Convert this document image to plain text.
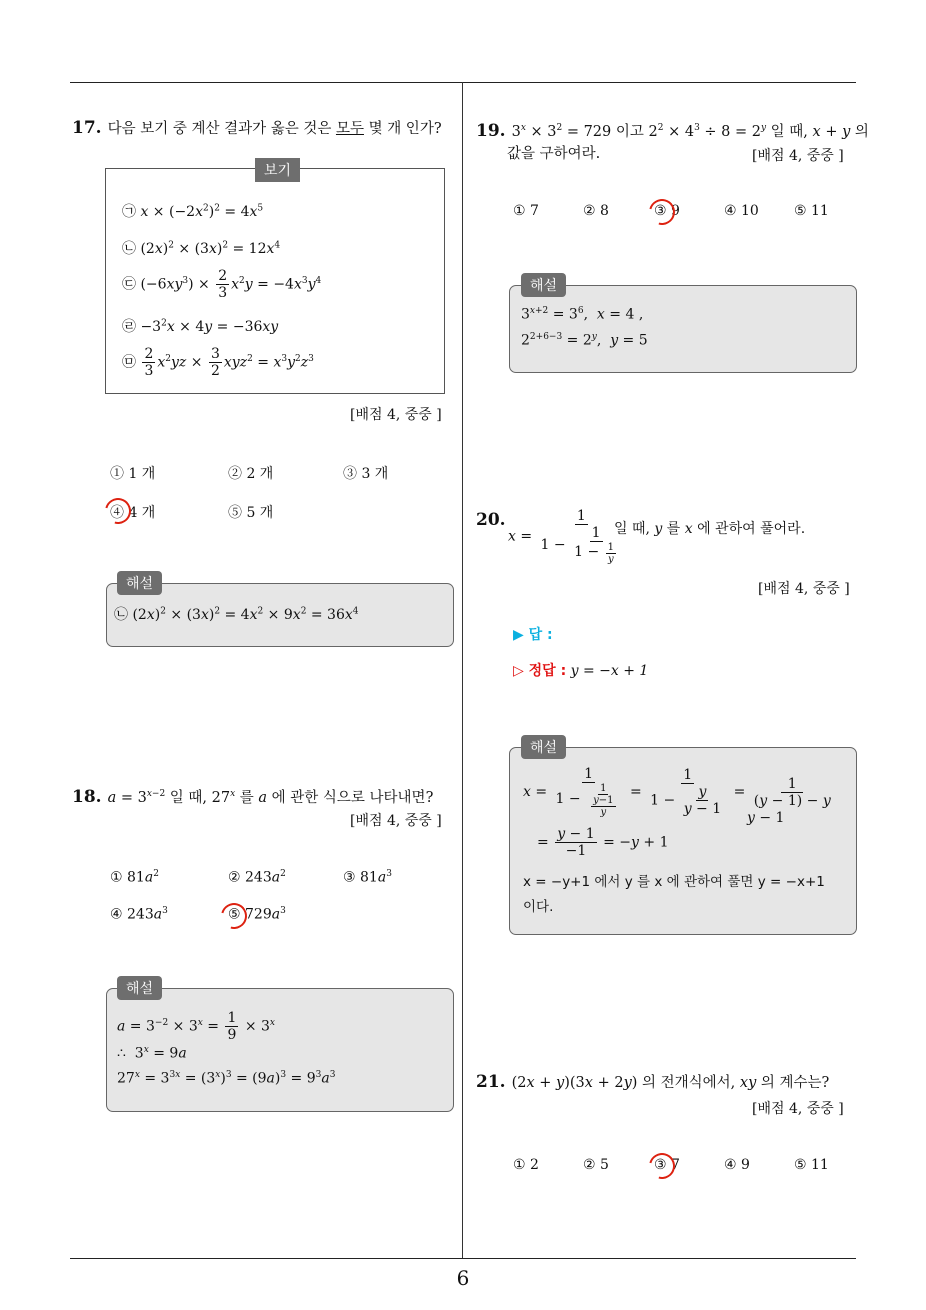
17. 다음 보기 중 계산 결과가 옳은 것은 모두 몇 개 인가?
보기
㉠ $x \times (-2x^2)^2 = 4x^5$
㉡ $(2x)^2 \times (3x)^2 = 12x^4$
㉢ $(-6xy^3) \times \frac{2}{3} x^2y = -4x^3y^4$
㉣ $-3^2x \times 4y = -36xy$
㉤ $\frac{2}{3} x^2yz \times \frac{3}{2} xyz^2 = x^3y^2z^3$
[배점 4, 중중 ]
① 1 개	② 2 개	③ 3 개
④ 4 개	⑤ 5 개
해설
㉡ $(2x)^2 \times (3x)^2 = 4x^2 \times 9x^2 = 36x^4$
18. $a = 3^{x-2}$ 일 때, 27$^x$ 를 a 에 관한 식으로 나타내면?
[배점 4, 중중 ]
① $81a^2$	② $243a^2$	③ $81a^3$
④ $243a^3$	⑤ $729a^3$
해설
$a = 3^{-2} \times 3^x = \frac{1}{9} \times 3^x$
∴  $3^x = 9a$
$27^x = 3^{3x} = (3^x)^3 = (9a)^3 = 9^3a^3$
19. $3^x \times 3^2 = 729$ 이고 $2^2 \times 4^3 \div 8 = 2^y$ 일 때, x + y 의
값을 구하여라.	[배점 4, 중중 ]
① 7	② 8	③ 9	④ 10	⑤ 11
해설
$3^{x+2} = 3^6$,  x = 4 ,
$2^{2+6-3} = 2^y$,  y = 5
20.
$x = \frac{1}{1 - \frac{1}{1 - \frac{1}{y}}}$
일 때, y 를 x 에 관하여 풀어라.
[배점 4, 중중 ]
▶ 답 :
▷ 정답 : y = −x + 1
해설
$x = \frac{1}{1 - \frac{1}{\frac{y-1}{y}}} = \frac{1}{1 - \frac{y}{y - 1}} = \frac{1}{(y - 1) - y}$
y − 1
= $\frac{y - 1}{-1} = -y + 1$
x = −y+1 에서 y 를 x 에 관하여 풀면 y = −x+1
이다.
21. (2x + y)(3x + 2y) 의 전개식에서, xy 의 계수는?
[배점 4, 중중 ]
① 2	② 5	③ 7	④ 9	⑤ 11
6
